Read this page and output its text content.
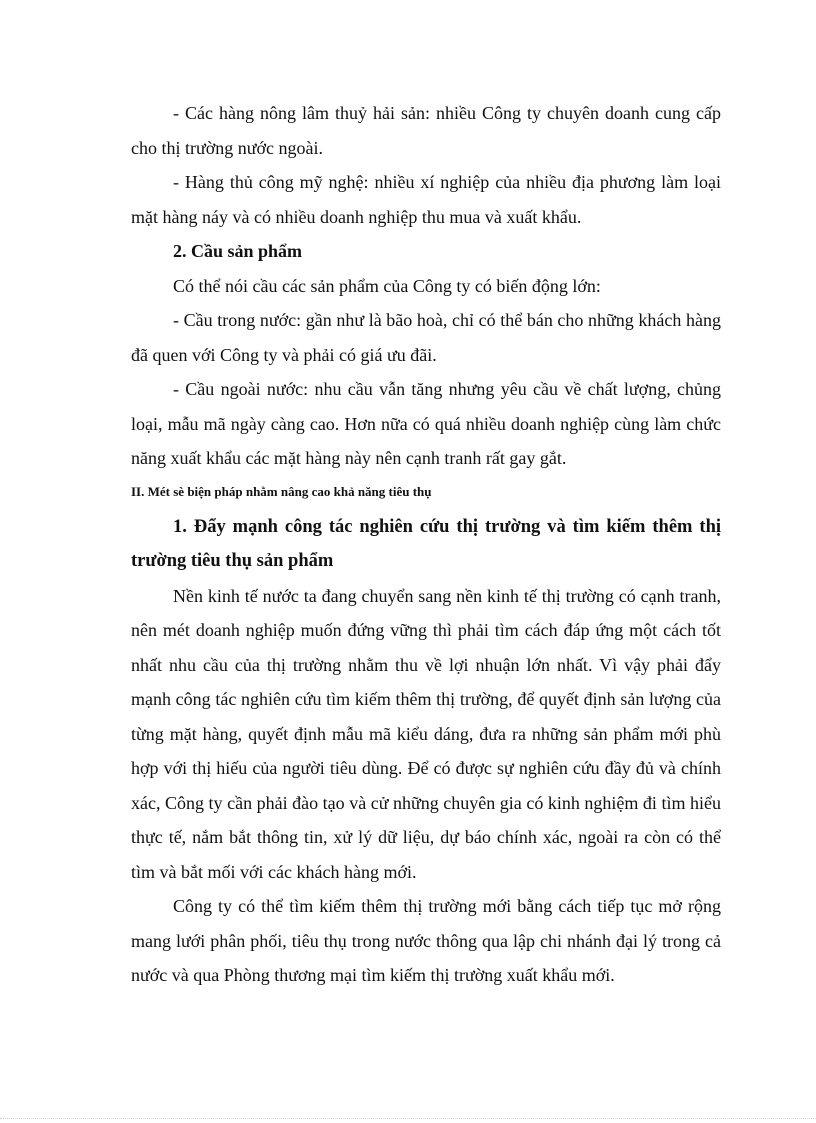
- Các hàng nông lâm thuỷ hải sản: nhiều Công ty chuyên doanh cung cấp cho thị trường nước ngoài.

- Hàng thủ công mỹ nghệ: nhiều xí nghiệp của nhiều địa phương làm loại mặt hàng náy và có nhiều doanh nghiệp thu mua và xuất khẩu.

2. Cầu sản phẩm

Có thể nói cầu các sản phẩm của Công ty có biến động lớn:

- Cầu trong nước: gần như là bão hoà, chỉ có thể bán cho những khách hàng đã quen với Công ty và phải có giá ưu đãi.

- Cầu ngoài nước: nhu cầu vẫn tăng nhưng yêu cầu về chất lượng, chủng loại, mẫu mã ngày càng cao. Hơn nữa có quá nhiều doanh nghiệp cùng làm chức năng xuất khẩu các mặt hàng này nên cạnh tranh rất gay gắt.

II. Mét sè biện pháp nhằm nâng cao khả năng tiêu thụ

1. Đẩy mạnh công tác nghiên cứu thị trường và tìm kiếm thêm thị trường tiêu thụ sản phẩm

Nền kinh tế nước ta đang chuyển sang nền kinh tế thị trường có cạnh tranh, nên mét doanh nghiệp muốn đứng vững thì phải tìm cách đáp ứng một cách tốt nhất nhu cầu của thị trường nhằm thu về lợi nhuận lớn nhất. Vì vậy phải đẩy mạnh công tác nghiên cứu tìm kiếm thêm thị trường, để quyết định sản lượng của từng mặt hàng, quyết định mẫu mã kiểu dáng, đưa ra những sản phẩm mới phù hợp với thị hiếu của người tiêu dùng. Để có được sự nghiên cứu đầy đủ và chính xác, Công ty cần phải đào tạo và cử những chuyên gia có kinh nghiệm đi tìm hiểu thực tế, nắm bắt thông tin, xử lý dữ liệu, dự báo chính xác, ngoài ra còn có thể tìm và bắt mối với các khách hàng mới.

Công ty có thể tìm kiếm thêm thị trường mới bằng cách tiếp tục mở rộng mang lưới phân phối, tiêu thụ trong nước thông qua lập chi nhánh đại lý trong cả nước và qua Phòng thương mại tìm kiếm thị trường xuất khẩu mới.
